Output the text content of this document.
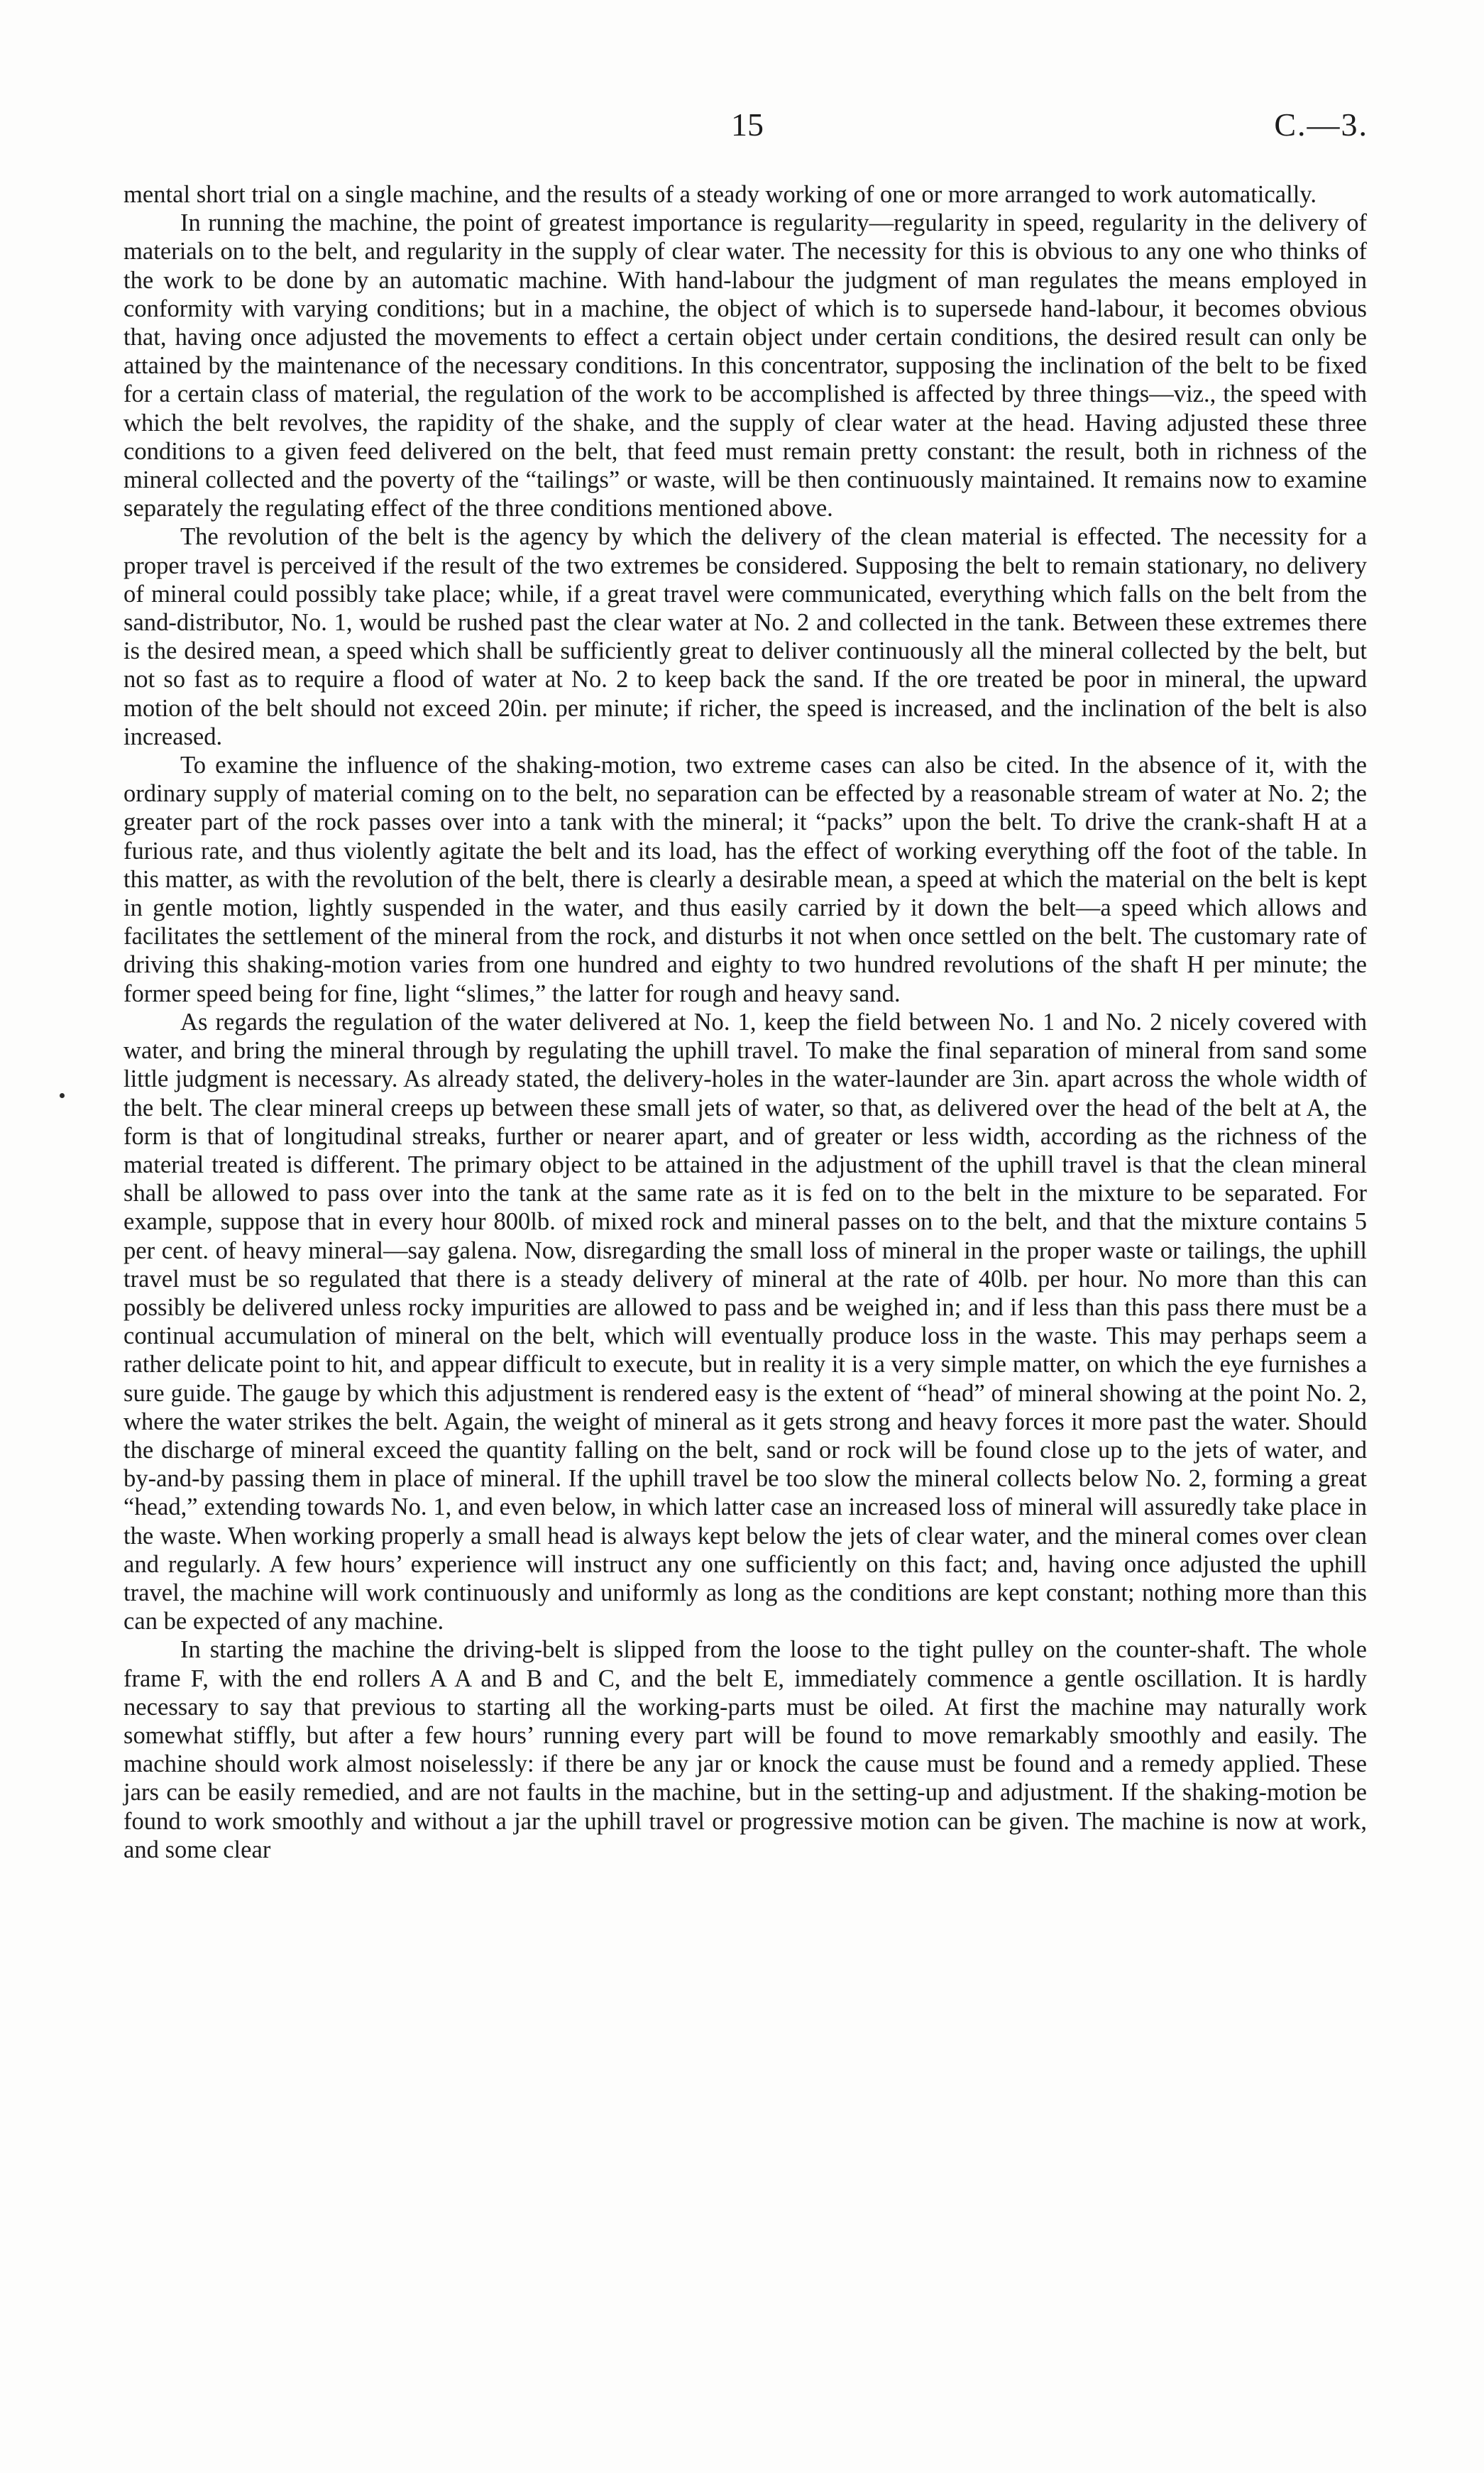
15	C.—3.

mental short trial on a single machine, and the results of a steady working of one or more arranged to work automatically.

In running the machine, the point of greatest importance is regularity—regularity in speed, regularity in the delivery of materials on to the belt, and regularity in the supply of clear water. The necessity for this is obvious to any one who thinks of the work to be done by an automatic machine. With hand-labour the judgment of man regulates the means employed in conformity with varying conditions; but in a machine, the object of which is to supersede hand-labour, it becomes obvious that, having once adjusted the movements to effect a certain object under certain conditions, the desired result can only be attained by the maintenance of the necessary conditions. In this concentrator, supposing the inclination of the belt to be fixed for a certain class of material, the regulation of the work to be accomplished is affected by three things—viz., the speed with which the belt revolves, the rapidity of the shake, and the supply of clear water at the head. Having adjusted these three conditions to a given feed delivered on the belt, that feed must remain pretty constant: the result, both in richness of the mineral collected and the poverty of the “tailings” or waste, will be then continuously maintained. It remains now to examine separately the regulating effect of the three conditions mentioned above.

The revolution of the belt is the agency by which the delivery of the clean material is effected. The necessity for a proper travel is perceived if the result of the two extremes be considered. Supposing the belt to remain stationary, no delivery of mineral could possibly take place; while, if a great travel were communicated, everything which falls on the belt from the sand-distributor, No. 1, would be rushed past the clear water at No. 2 and collected in the tank. Between these extremes there is the desired mean, a speed which shall be sufficiently great to deliver continuously all the mineral collected by the belt, but not so fast as to require a flood of water at No. 2 to keep back the sand. If the ore treated be poor in mineral, the upward motion of the belt should not exceed 20in. per minute; if richer, the speed is increased, and the inclination of the belt is also increased.

To examine the influence of the shaking-motion, two extreme cases can also be cited. In the absence of it, with the ordinary supply of material coming on to the belt, no separation can be effected by a reasonable stream of water at No. 2; the greater part of the rock passes over into a tank with the mineral; it “packs” upon the belt. To drive the crank-shaft H at a furious rate, and thus violently agitate the belt and its load, has the effect of working everything off the foot of the table. In this matter, as with the revolution of the belt, there is clearly a desirable mean, a speed at which the material on the belt is kept in gentle motion, lightly suspended in the water, and thus easily carried by it down the belt—a speed which allows and facilitates the settlement of the mineral from the rock, and disturbs it not when once settled on the belt. The customary rate of driving this shaking-motion varies from one hundred and eighty to two hundred revolutions of the shaft H per minute; the former speed being for fine, light “slimes,” the latter for rough and heavy sand.

As regards the regulation of the water delivered at No. 1, keep the field between No. 1 and No. 2 nicely covered with water, and bring the mineral through by regulating the uphill travel. To make the final separation of mineral from sand some little judgment is necessary. As already stated, the delivery-holes in the water-launder are 3in. apart across the whole width of the belt. The clear mineral creeps up between these small jets of water, so that, as delivered over the head of the belt at A, the form is that of longitudinal streaks, further or nearer apart, and of greater or less width, according as the richness of the material treated is different. The primary object to be attained in the adjustment of the uphill travel is that the clean mineral shall be allowed to pass over into the tank at the same rate as it is fed on to the belt in the mixture to be separated. For example, suppose that in every hour 800lb. of mixed rock and mineral passes on to the belt, and that the mixture contains 5 per cent. of heavy mineral—say galena. Now, disregarding the small loss of mineral in the proper waste or tailings, the uphill travel must be so regulated that there is a steady delivery of mineral at the rate of 40lb. per hour. No more than this can possibly be delivered unless rocky impurities are allowed to pass and be weighed in; and if less than this pass there must be a continual accumulation of mineral on the belt, which will eventually produce loss in the waste. This may perhaps seem a rather delicate point to hit, and appear difficult to execute, but in reality it is a very simple matter, on which the eye furnishes a sure guide. The gauge by which this adjustment is rendered easy is the extent of “head” of mineral showing at the point No. 2, where the water strikes the belt. Again, the weight of mineral as it gets strong and heavy forces it more past the water. Should the discharge of mineral exceed the quantity falling on the belt, sand or rock will be found close up to the jets of water, and by-and-by passing them in place of mineral. If the uphill travel be too slow the mineral collects below No. 2, forming a great “head,” extending towards No. 1, and even below, in which latter case an increased loss of mineral will assuredly take place in the waste. When working properly a small head is always kept below the jets of clear water, and the mineral comes over clean and regularly. A few hours’ experience will instruct any one sufficiently on this fact; and, having once adjusted the uphill travel, the machine will work continuously and uniformly as long as the conditions are kept constant; nothing more than this can be expected of any machine.

In starting the machine the driving-belt is slipped from the loose to the tight pulley on the counter-shaft. The whole frame F, with the end rollers A A and B and C, and the belt E, immediately commence a gentle oscillation. It is hardly necessary to say that previous to starting all the working-parts must be oiled. At first the machine may naturally work somewhat stiffly, but after a few hours’ running every part will be found to move remarkably smoothly and easily. The machine should work almost noiselessly: if there be any jar or knock the cause must be found and a remedy applied. These jars can be easily remedied, and are not faults in the machine, but in the setting-up and adjustment. If the shaking-motion be found to work smoothly and without a jar the uphill travel or progressive motion can be given. The machine is now at work, and some clear
